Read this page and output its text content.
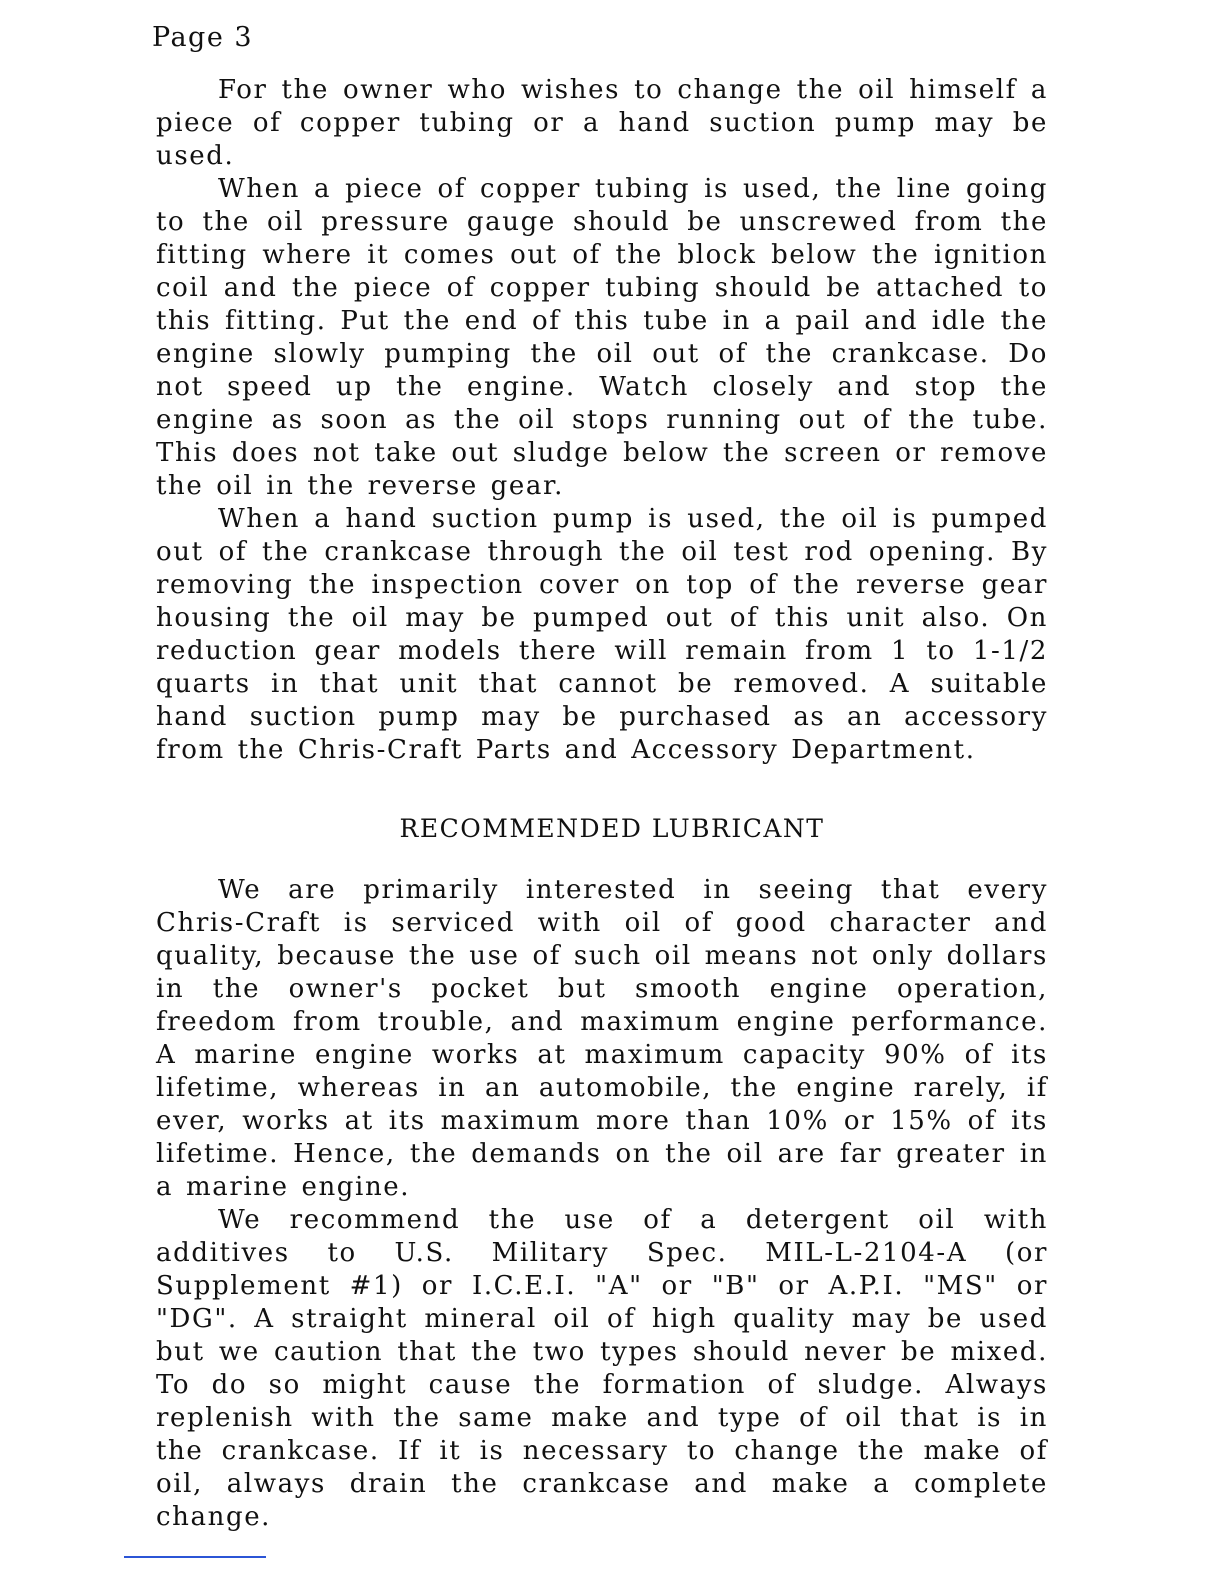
Page 3

For the owner who wishes to change the oil himself a piece of copper tubing or a hand suction pump may be used.

When a piece of copper tubing is used, the line going to the oil pressure gauge should be unscrewed from the fitting where it comes out of the block below the ignition coil and the piece of copper tubing should be attached to this fitting. Put the end of this tube in a pail and idle the engine slowly pumping the oil out of the crankcase. Do not speed up the engine. Watch closely and stop the engine as soon as the oil stops running out of the tube. This does not take out sludge below the screen or remove the oil in the reverse gear.

When a hand suction pump is used, the oil is pumped out of the crankcase through the oil test rod opening. By removing the inspection cover on top of the reverse gear housing the oil may be pumped out of this unit also. On reduction gear models there will remain from 1 to 1-1/2 quarts in that unit that cannot be removed. A suitable hand suction pump may be purchased as an accessory from the Chris-Craft Parts and Accessory Department.

RECOMMENDED LUBRICANT

We are primarily interested in seeing that every Chris-Craft is serviced with oil of good character and quality, because the use of such oil means not only dollars in the owner's pocket but smooth engine operation, freedom from trouble, and maximum engine performance. A marine engine works at maximum capacity 90% of its lifetime, whereas in an automobile, the engine rarely, if ever, works at its maximum more than 10% or 15% of its lifetime. Hence, the demands on the oil are far greater in a marine engine.

We recommend the use of a detergent oil with additives to U.S. Military Spec. MIL-L-2104-A (or Supplement #1) or I.C.E.I. "A" or "B" or A.P.I. "MS" or "DG". A straight mineral oil of high quality may be used but we caution that the two types should never be mixed. To do so might cause the formation of sludge. Always replenish with the same make and type of oil that is in the crankcase. If it is necessary to change the make of oil, always drain the crankcase and make a complete change.
